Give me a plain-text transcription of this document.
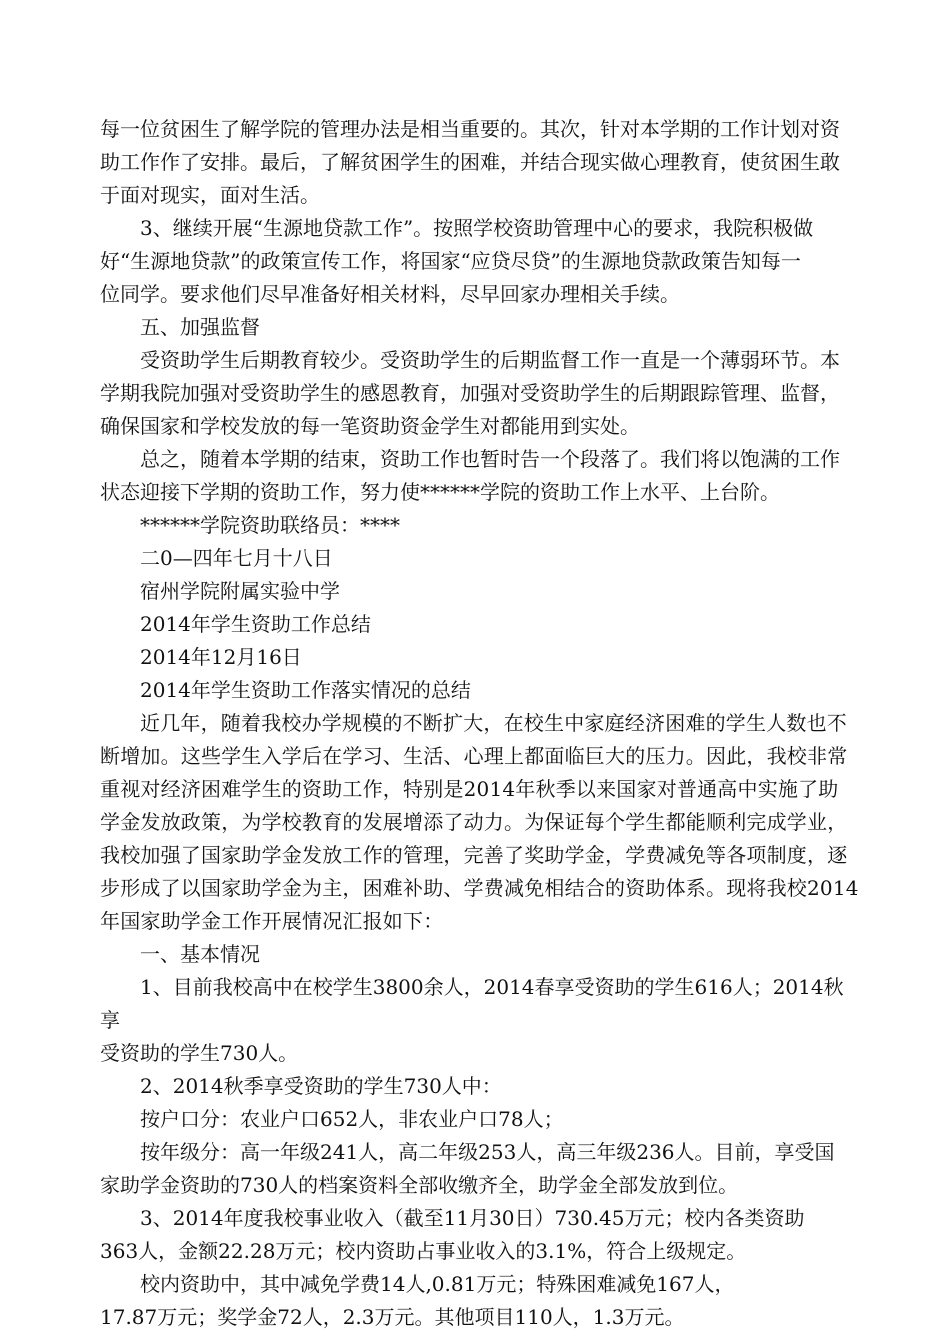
每一位贫困生了解学院的管理办法是相当重要的。其次，针对本学期的工作计划对资
助工作作了安排。最后，了解贫困学生的困难，并结合现实做心理教育，使贫困生敢
于面对现实，面对生活。

3、继续开展“生源地贷款工作”。按照学校资助管理中心的要求，我院积极做
好“生源地贷款”的政策宣传工作，将国家“应贷尽贷”的生源地贷款政策告知每一
位同学。要求他们尽早准备好相关材料，尽早回家办理相关手续。

五、加强监督

受资助学生后期教育较少。受资助学生的后期监督工作一直是一个薄弱环节。本
学期我院加强对受资助学生的感恩教育，加强对受资助学生的后期跟踪管理、监督，
确保国家和学校发放的每一笔资助资金学生对都能用到实处。

总之，随着本学期的结束，资助工作也暂时告一个段落了。我们将以饱满的工作
状态迎接下学期的资助工作，努力使******学院的资助工作上水平、上台阶。

******学院资助联络员：****

二0—四年七月十八日

宿州学院附属实验中学

2014年学生资助工作总结

2014年12月16日

2014年学生资助工作落实情况的总结

近几年，随着我校办学规模的不断扩大，在校生中家庭经济困难的学生人数也不
断增加。这些学生入学后在学习、生活、心理上都面临巨大的压力。因此，我校非常
重视对经济困难学生的资助工作，特别是2014年秋季以来国家对普通高中实施了助
学金发放政策，为学校教育的发展增添了动力。为保证每个学生都能顺利完成学业，
我校加强了国家助学金发放工作的管理，完善了奖助学金，学费减免等各项制度，逐
步形成了以国家助学金为主，困难补助、学费减免相结合的资助体系。现将我校2014
年国家助学金工作开展情况汇报如下：

一、基本情况

1、目前我校高中在校学生3800余人，2014春享受资助的学生616人；2014秋享
受资助的学生730人。

2、2014秋季享受资助的学生730人中：

按户口分：农业户口652人，非农业户口78人；

按年级分：高一年级241人，高二年级253人，高三年级236人。目前，享受国
家助学金资助的730人的档案资料全部收缴齐全，助学金全部发放到位。

3、2014年度我校事业收入（截至11月30日）730.45万元；校内各类资助
363人，金额22.28万元；校内资助占事业收入的3.1%，符合上级规定。

校内资助中，其中减免学费14人,0.81万元；特殊困难减免167人，
17.87万元；奖学金72人，2.3万元。其他项目110人，1.3万元。
